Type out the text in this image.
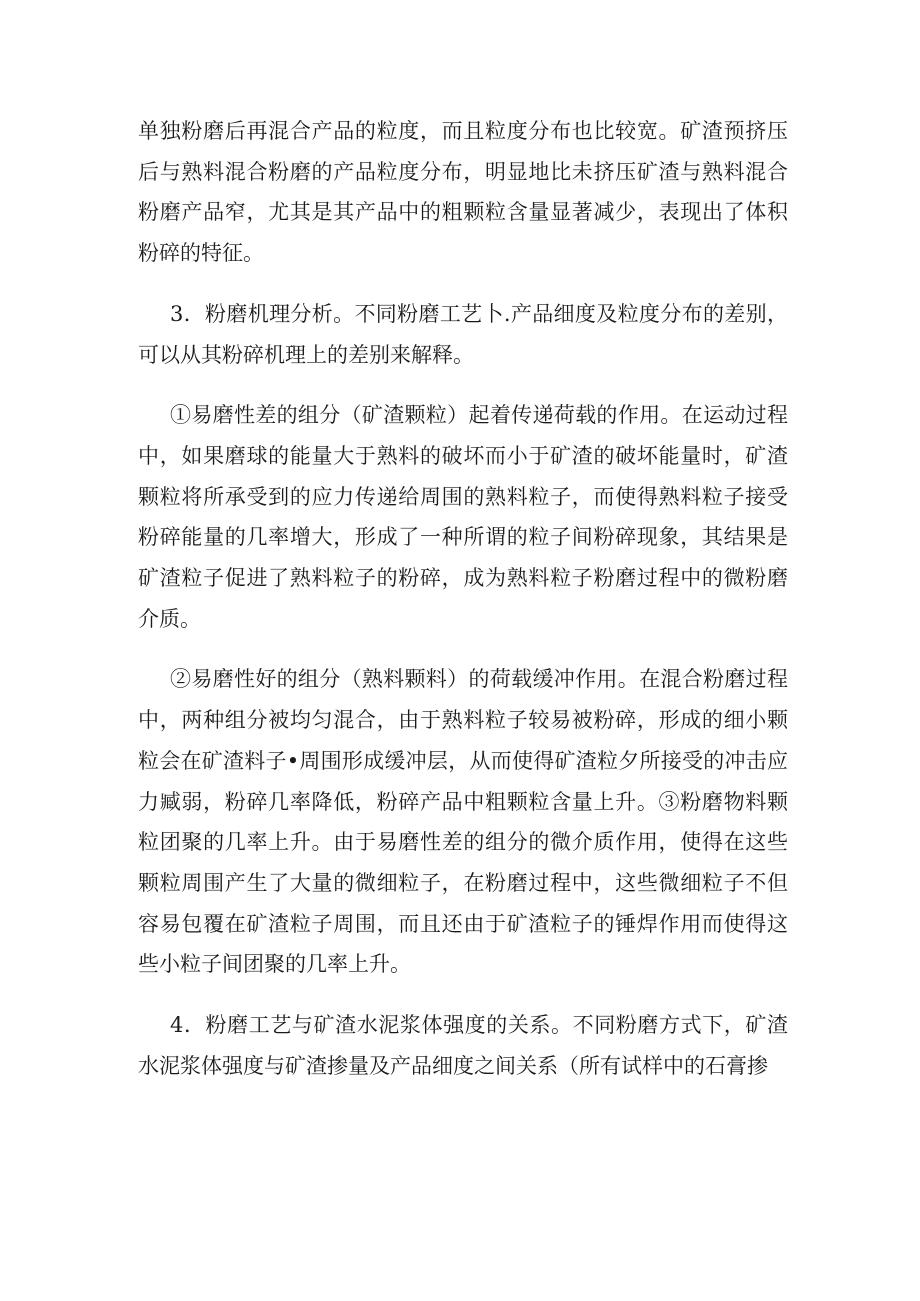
单独粉磨后再混合产品的粒度，而且粒度分布也比较宽。矿渣预挤压后与熟料混合粉磨的产品粒度分布，明显地比未挤压矿渣与熟料混合粉磨产品窄，尤其是其产品中的粗颗粒含量显著减少，表现出了体积粉碎的特征。

3．粉磨机理分析。不同粉磨工艺卜.产品细度及粒度分布的差别，可以从其粉碎机理上的差别来解释。

①易磨性差的组分（矿渣颗粒）起着传递荷载的作用。在运动过程中，如果磨球的能量大于熟料的破坏而小于矿渣的破坏能量时，矿渣颗粒将所承受到的应力传递给周围的熟料粒子，而使得熟料粒子接受粉碎能量的几率增大，形成了一种所谓的粒子间粉碎现象，其结果是矿渣粒子促进了熟料粒子的粉碎，成为熟料粒子粉磨过程中的微粉磨介质。

②易磨性好的组分（熟料颗料）的荷载缓冲作用。在混合粉磨过程中，两种组分被均匀混合，由于熟料粒子较易被粉碎，形成的细小颗粒会在矿渣料子•周围形成缓冲层，从而使得矿渣粒夕所接受的冲击应力臧弱，粉碎几率降低，粉碎产品中粗颗粒含量上升。③粉磨物料颗粒团聚的几率上升。由于易磨性差的组分的微介质作用，使得在这些颗粒周围产生了大量的微细粒子，在粉磨过程中，这些微细粒子不但容易包覆在矿渣粒子周围，而且还由于矿渣粒子的锤焊作用而使得这些小粒子间团聚的几率上升。

4．粉磨工艺与矿渣水泥浆体强度的关系。不同粉磨方式下，矿渣水泥浆体强度与矿渣掺量及产品细度之间关系（所有试样中的石膏掺
